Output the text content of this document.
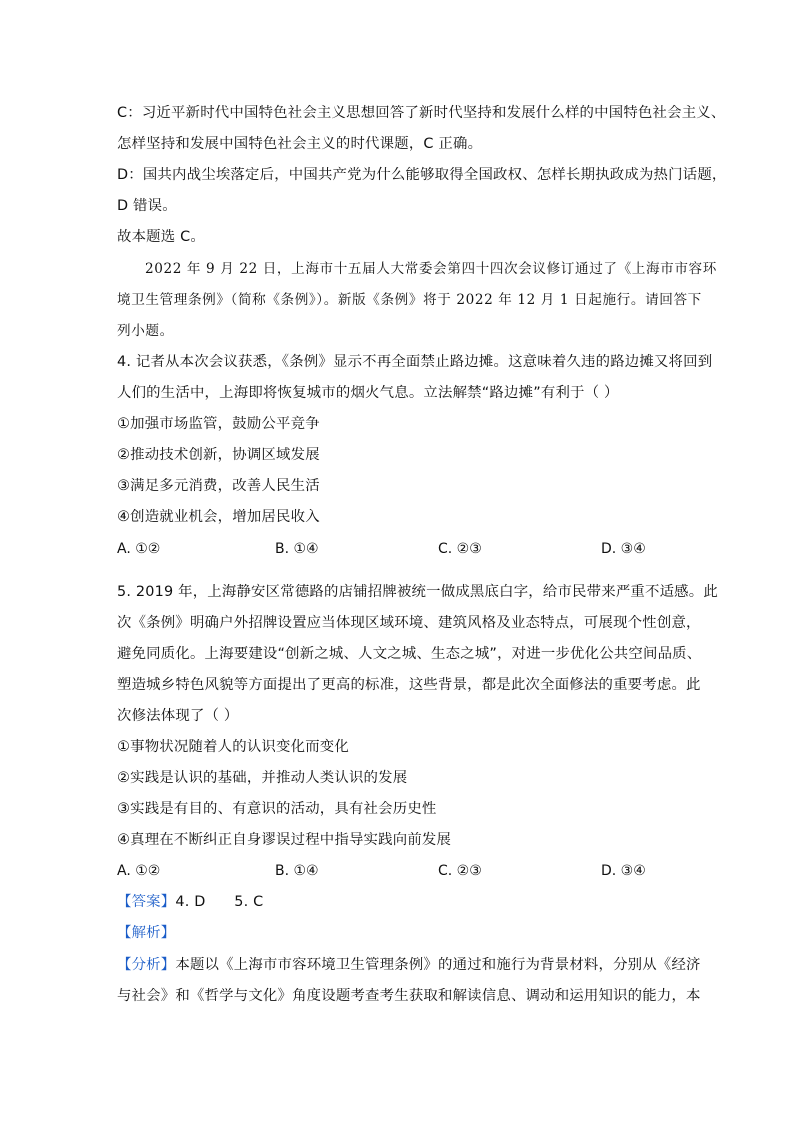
C：习近平新时代中国特色社会主义思想回答了新时代坚持和发展什么样的中国特色社会主义、
怎样坚持和发展中国特色社会主义的时代课题，C 正确。
D：国共内战尘埃落定后，中国共产党为什么能够取得全国政权、怎样长期执政成为热门话题，
D 错误。
故本题选 C。
2022 年 9 月 22 日，上海市十五届人大常委会第四十四次会议修订通过了《上海市市容环
境卫生管理条例》（简称《条例》）。新版《条例》将于 2022 年 12 月 1 日起施行。请回答下
列小题。
4. 记者从本次会议获悉，《条例》显示不再全面禁止路边摊。这意味着久违的路边摊又将回到
人们的生活中，上海即将恢复城市的烟火气息。立法解禁“路边摊”有利于（ ）
①加强市场监管，鼓励公平竞争
②推动技术创新，协调区域发展
③满足多元消费，改善人民生活
④创造就业机会，增加居民收入
A. ①②	B. ①④	C. ②③	D. ③④
5. 2019 年，上海静安区常德路的店铺招牌被统一做成黑底白字，给市民带来严重不适感。此
次《条例》明确户外招牌设置应当体现区域环境、建筑风格及业态特点，可展现个性创意，
避免同质化。上海要建设“创新之城、人文之城、生态之城”，对进一步优化公共空间品质、
塑造城乡特色风貌等方面提出了更高的标准，这些背景，都是此次全面修法的重要考虑。此
次修法体现了（ ）
①事物状况随着人的认识变化而变化
②实践是认识的基础，并推动人类认识的发展
③实践是有目的、有意识的活动，具有社会历史性
④真理在不断纠正自身谬误过程中指导实践向前发展
A. ①②	B. ①④	C. ②③	D. ③④
【答案】4. D      5. C
【解析】
【分析】本题以《上海市市容环境卫生管理条例》的通过和施行为背景材料，分别从《经济
与社会》和《哲学与文化》角度设题考查考生获取和解读信息、调动和运用知识的能力，本
